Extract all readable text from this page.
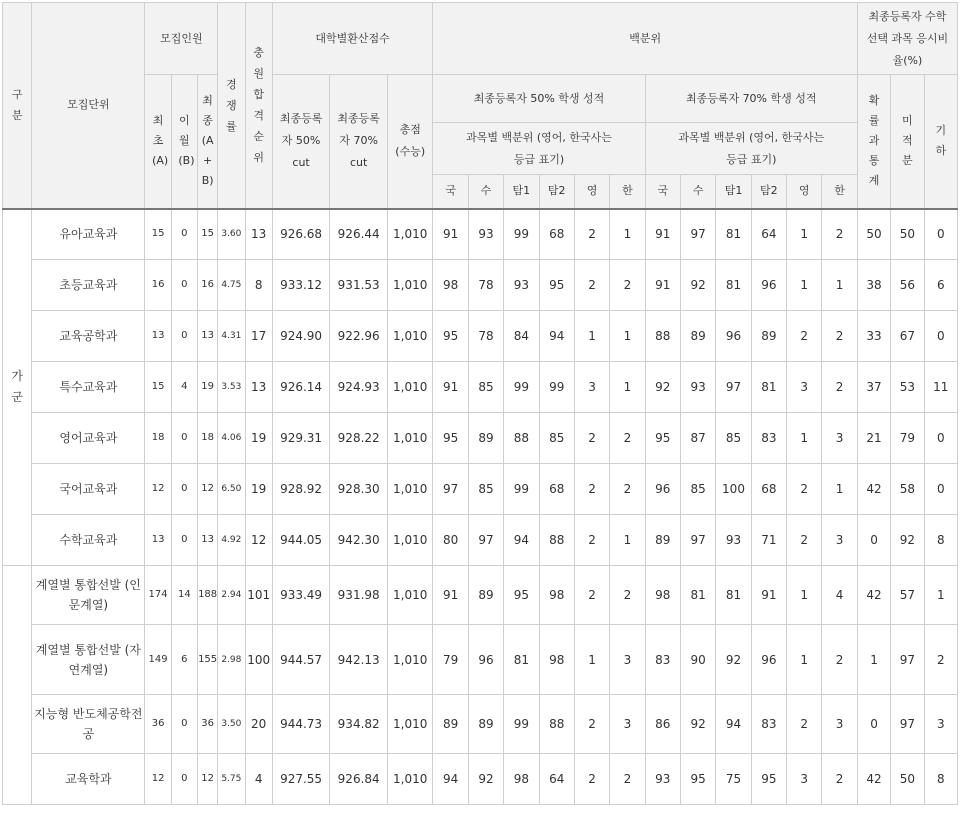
구분	모집단위	모집인원			경쟁률	충원합격순위	대학별환산점수			백분위												최종등록자 수학 선택 과목 응시비율(%)		

		최초(A)	이월(B)	최종(A+B)			최종등록자 50% cut	최종등록자 70% cut	총점(수능)	최종등록자 50% 학생 성적						최종등록자 70% 학생 성적						확률과통계	미적분	기하

										과목별 백분위 (영어, 한국사는 등급 표기)						과목별 백분위 (영어, 한국사는 등급 표기)								
										국	수	탐1	탐2	영	한	국	수	탐1	탐2	영	한			

가군	유아교육과	15	0	15	3.60	13	926.68	926.44	1,010	91	93	99	68	2	1	91	97	81	64	1	2	50	50	0
	초등교육과	16	0	16	4.75	8	933.12	931.53	1,010	98	78	93	95	2	2	91	92	81	96	1	1	38	56	6
	교육공학과	13	0	13	4.31	17	924.90	922.96	1,010	95	78	84	94	1	1	88	89	96	89	2	2	33	67	0
	특수교육과	15	4	19	3.53	13	926.14	924.93	1,010	91	85	99	99	3	1	92	93	97	81	3	2	37	53	11
	영어교육과	18	0	18	4.06	19	929.31	928.22	1,010	95	89	88	85	2	2	95	87	85	83	1	3	21	79	0
	국어교육과	12	0	12	6.50	19	928.92	928.30	1,010	97	85	99	68	2	2	96	85	100	68	2	1	42	58	0
	수학교육과	13	0	13	4.92	12	944.05	942.30	1,010	80	97	94	88	2	1	89	97	93	71	2	3	0	92	8

	계열별 통합선발 (인문계열)	174	14	188	2.94	101	933.49	931.98	1,010	91	89	95	98	2	2	98	81	81	91	1	4	42	57	1
	계열별 통합선발 (자연계열)	149	6	155	2.98	100	944.57	942.13	1,010	79	96	81	98	1	3	83	90	92	96	1	2	1	97	2
	지능형 반도체공학전공	36	0	36	3.50	20	944.73	934.82	1,010	89	89	99	88	2	3	86	92	94	83	2	3	0	97	3
	교육학과	12	0	12	5.75	4	927.55	926.84	1,010	94	92	98	64	2	2	93	95	75	95	3	2	42	50	8
